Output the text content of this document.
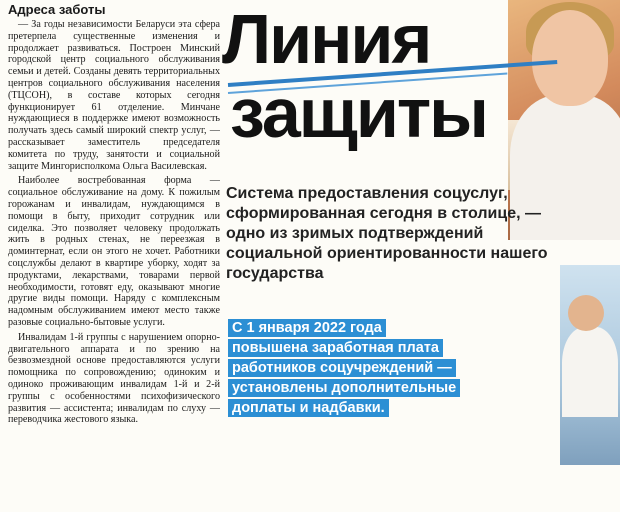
Адреса заботы

— За годы независимости Беларуси эта сфера претерпела существенные изменения и продолжает развиваться. Построен Минский городской центр социального обслуживания семьи и детей. Созданы девять территориальных центров социального обслуживания населения (ТЦСОН), в составе которых сегодня функционирует 61 отделение. Минчане нуждающиеся в поддержке имеют возможность получать здесь самый широкий спектр услуг, — рассказывает заместитель председателя комитета по труду, занятости и социальной защите Мингорисполкома Ольга Василевская.

Наиболее востребованная форма — социальное обслуживание на дому. К пожилым горожанам и инвалидам, нуждающимся в помощи в быту, приходит сотрудник или сиделка. Это позволяет человеку продолжать жить в родных стенах, не переезжая в доминтернат, если он этого не хочет. Работники соцслужбы делают в квартире уборку, ходят за продуктами, лекарствами, товарами первой необходимости, готовят еду, оказывают многие другие виды помощи. Наряду с комплексным надомным обслуживанием имеют место также разовые социально-бытовые услуги.

Инвалидам 1-й группы с нарушением опорно-двигательного аппарата и по зрению на безвозмездной основе предоставляются услуги помощника по сопровождению; одиноким и одиноко проживающим инвалидам 1-й и 2-й группы с особенностями психофизического развития — ассистента; инвалидам по слуху — переводчика жестового языка.

Линия
защиты
Система предоставления соцуслуг, сформированная сегодня в столице, — одно из зримых подтверждений социальной ориентированности нашего государства
С 1 января 2022 года повышена заработная плата работников соцучреждений — установлены дополнительные доплаты и надбавки.
